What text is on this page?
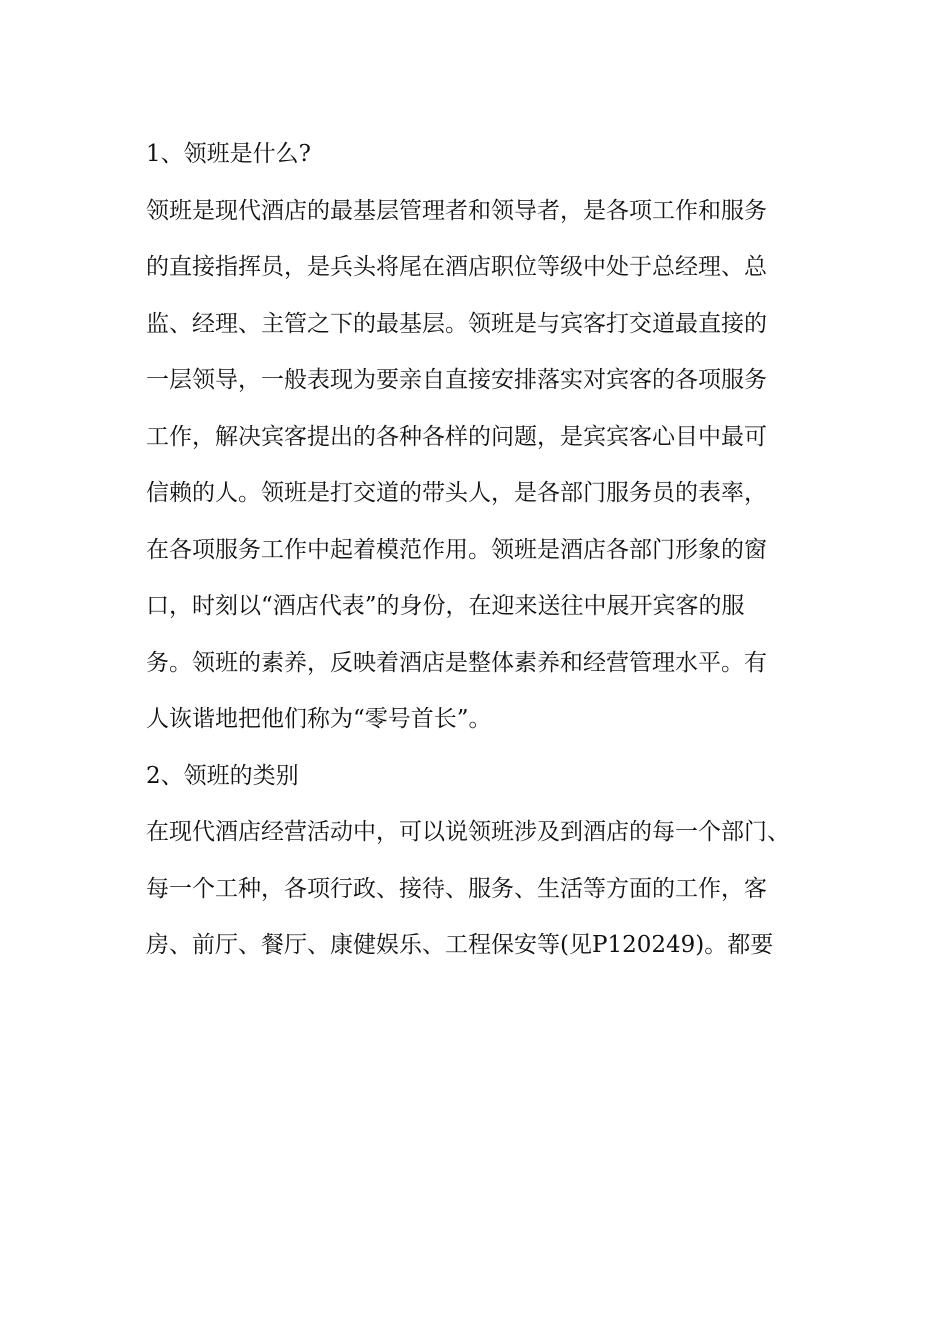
1、领班是什么?
领班是现代酒店的最基层管理者和领导者，是各项工作和服务
的直接指挥员，是兵头将尾在酒店职位等级中处于总经理、总
监、经理、主管之下的最基层。领班是与宾客打交道最直接的
一层领导，一般表现为要亲自直接安排落实对宾客的各项服务
工作，解决宾客提出的各种各样的问题，是宾宾客心目中最可
信赖的人。领班是打交道的带头人，是各部门服务员的表率，
在各项服务工作中起着模范作用。领班是酒店各部门形象的窗
口，时刻以“酒店代表”的身份，在迎来送往中展开宾客的服
务。领班的素养，反映着酒店是整体素养和经营管理水平。有
人诙谐地把他们称为“零号首长”。
2、领班的类别
在现代酒店经营活动中，可以说领班涉及到酒店的每一个部门、
每一个工种，各项行政、接待、服务、生活等方面的工作，客
房、前厅、餐厅、康健娱乐、工程保安等(见P120249)。都要
